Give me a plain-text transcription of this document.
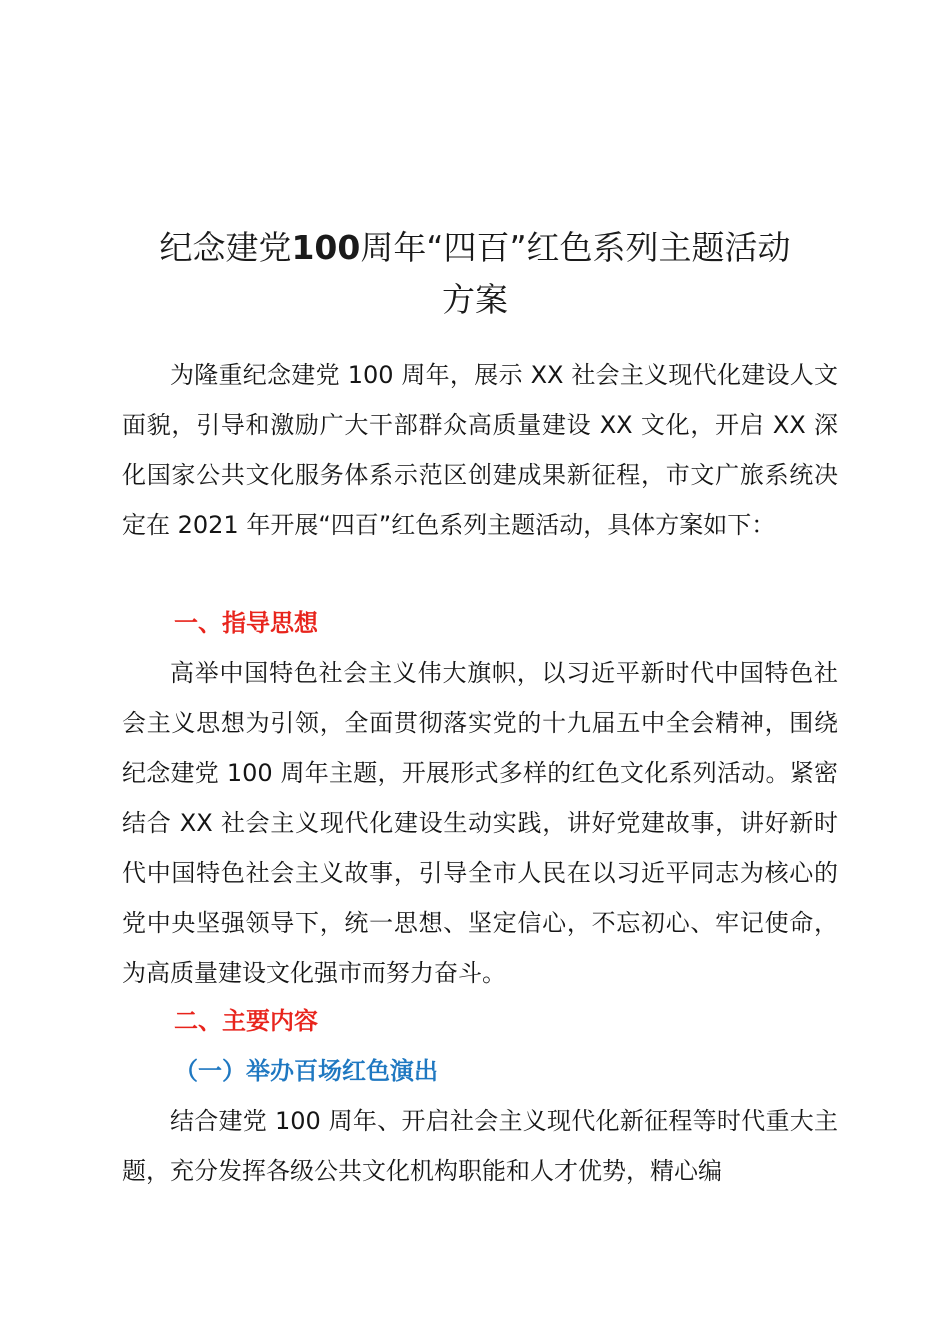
纪念建党100周年“四百”红色系列主题活动
方案

为隆重纪念建党 100 周年，展示 XX 社会主义现代化建设人文面貌，引导和激励广大干部群众高质量建设 XX 文化，开启 XX 深化国家公共文化服务体系示范区创建成果新征程，市文广旅系统决定在 2021 年开展“四百”红色系列主题活动，具体方案如下：

一、指导思想

高举中国特色社会主义伟大旗帜，以习近平新时代中国特色社会主义思想为引领，全面贯彻落实党的十九届五中全会精神，围绕纪念建党 100 周年主题，开展形式多样的红色文化系列活动。紧密结合 XX 社会主义现代化建设生动实践，讲好党建故事，讲好新时代中国特色社会主义故事，引导全市人民在以习近平同志为核心的党中央坚强领导下，统一思想、坚定信心，不忘初心、牢记使命，为高质量建设文化强市而努力奋斗。

二、主要内容
（一）举办百场红色演出

结合建党 100 周年、开启社会主义现代化新征程等时代重大主题，充分发挥各级公共文化机构职能和人才优势，精心编
